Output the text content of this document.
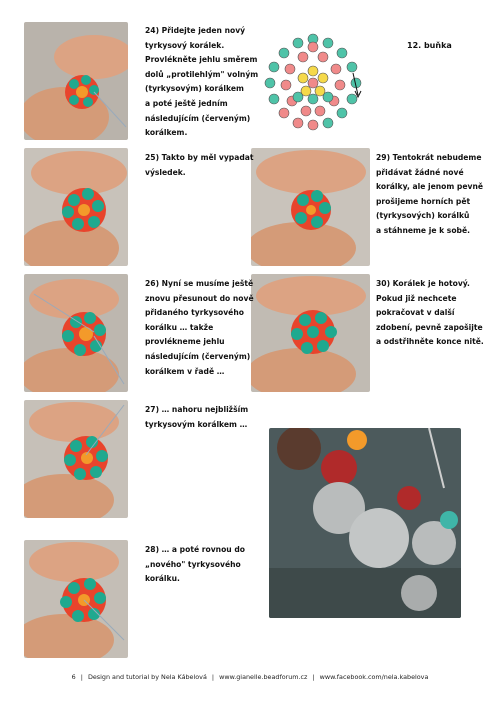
24) Přidejte jeden nový
tyrkysový korálek.
Provlékněte jehlu směrem
dolů „protilehlým" volným
(tyrkysovým) korálkem
a poté ještě jedním
následujícím (červeným)
korálkem.
25) Takto by měl vypadat
výsledek.
26) Nyní se musíme ještě
znovu přesunout do nově
přidaného tyrkysového
korálku … takže
provlékneme jehlu
následujícím (červeným)
korálkem v řadě …
27) … nahoru nejbližším
tyrkysovým korálkem …
28) … a poté rovnou do
„nového" tyrkysového
korálku.
29) Tentokrát nebudeme
přidávat žádné nové
korálky, ale jenom pevně
prošijeme horních pět
(tyrkysových) korálků
a stáhneme je k sobě.
30) Korálek je hotový.
Pokud již nechcete
pokračovat v další
zdobení, pevně zapošijte
a odstřihněte konce nitě.
12. buňka
6 | Design and tutorial by Nela Kábelová | www.gianelle.beadforum.cz | www.facebook.com/nela.kabelova
